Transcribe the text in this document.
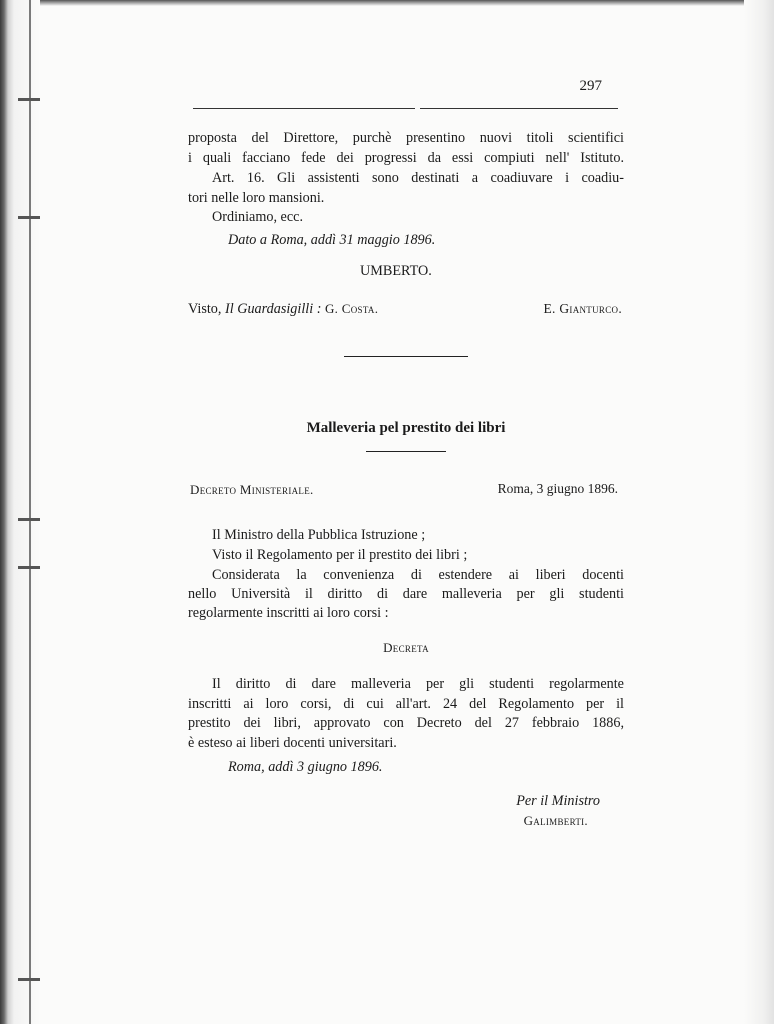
297
proposta del Direttore, purchè presentino nuovi titoli scientifici
i quali facciano fede dei progressi da essi compiuti nell' Istituto.
Art. 16. Gli assistenti sono destinati a coadiuvare i coadiu-
tori nelle loro mansioni.
Ordiniamo, ecc.
Dato a Roma, addì 31 maggio 1896.
UMBERTO.
Visto, Il Guardasigilli : G. Costa.	E. Gianturco.
Malleveria pel prestito dei libri
Decreto Ministeriale.	Roma, 3 giugno 1896.
Il Ministro della Pubblica Istruzione ;
Visto il Regolamento per il prestito dei libri ;
Considerata la convenienza di estendere ai liberi docenti
nello Università il diritto di dare malleveria per gli studenti
regolarmente inscritti ai loro corsi :
Decreta
Il diritto di dare malleveria per gli studenti regolarmente
inscritti ai loro corsi, di cui all'art. 24 del Regolamento per il
prestito dei libri, approvato con Decreto del 27 febbraio 1886,
è esteso ai liberi docenti universitari.
Roma, addì 3 giugno 1896.
Per il Ministro
Galimberti.
